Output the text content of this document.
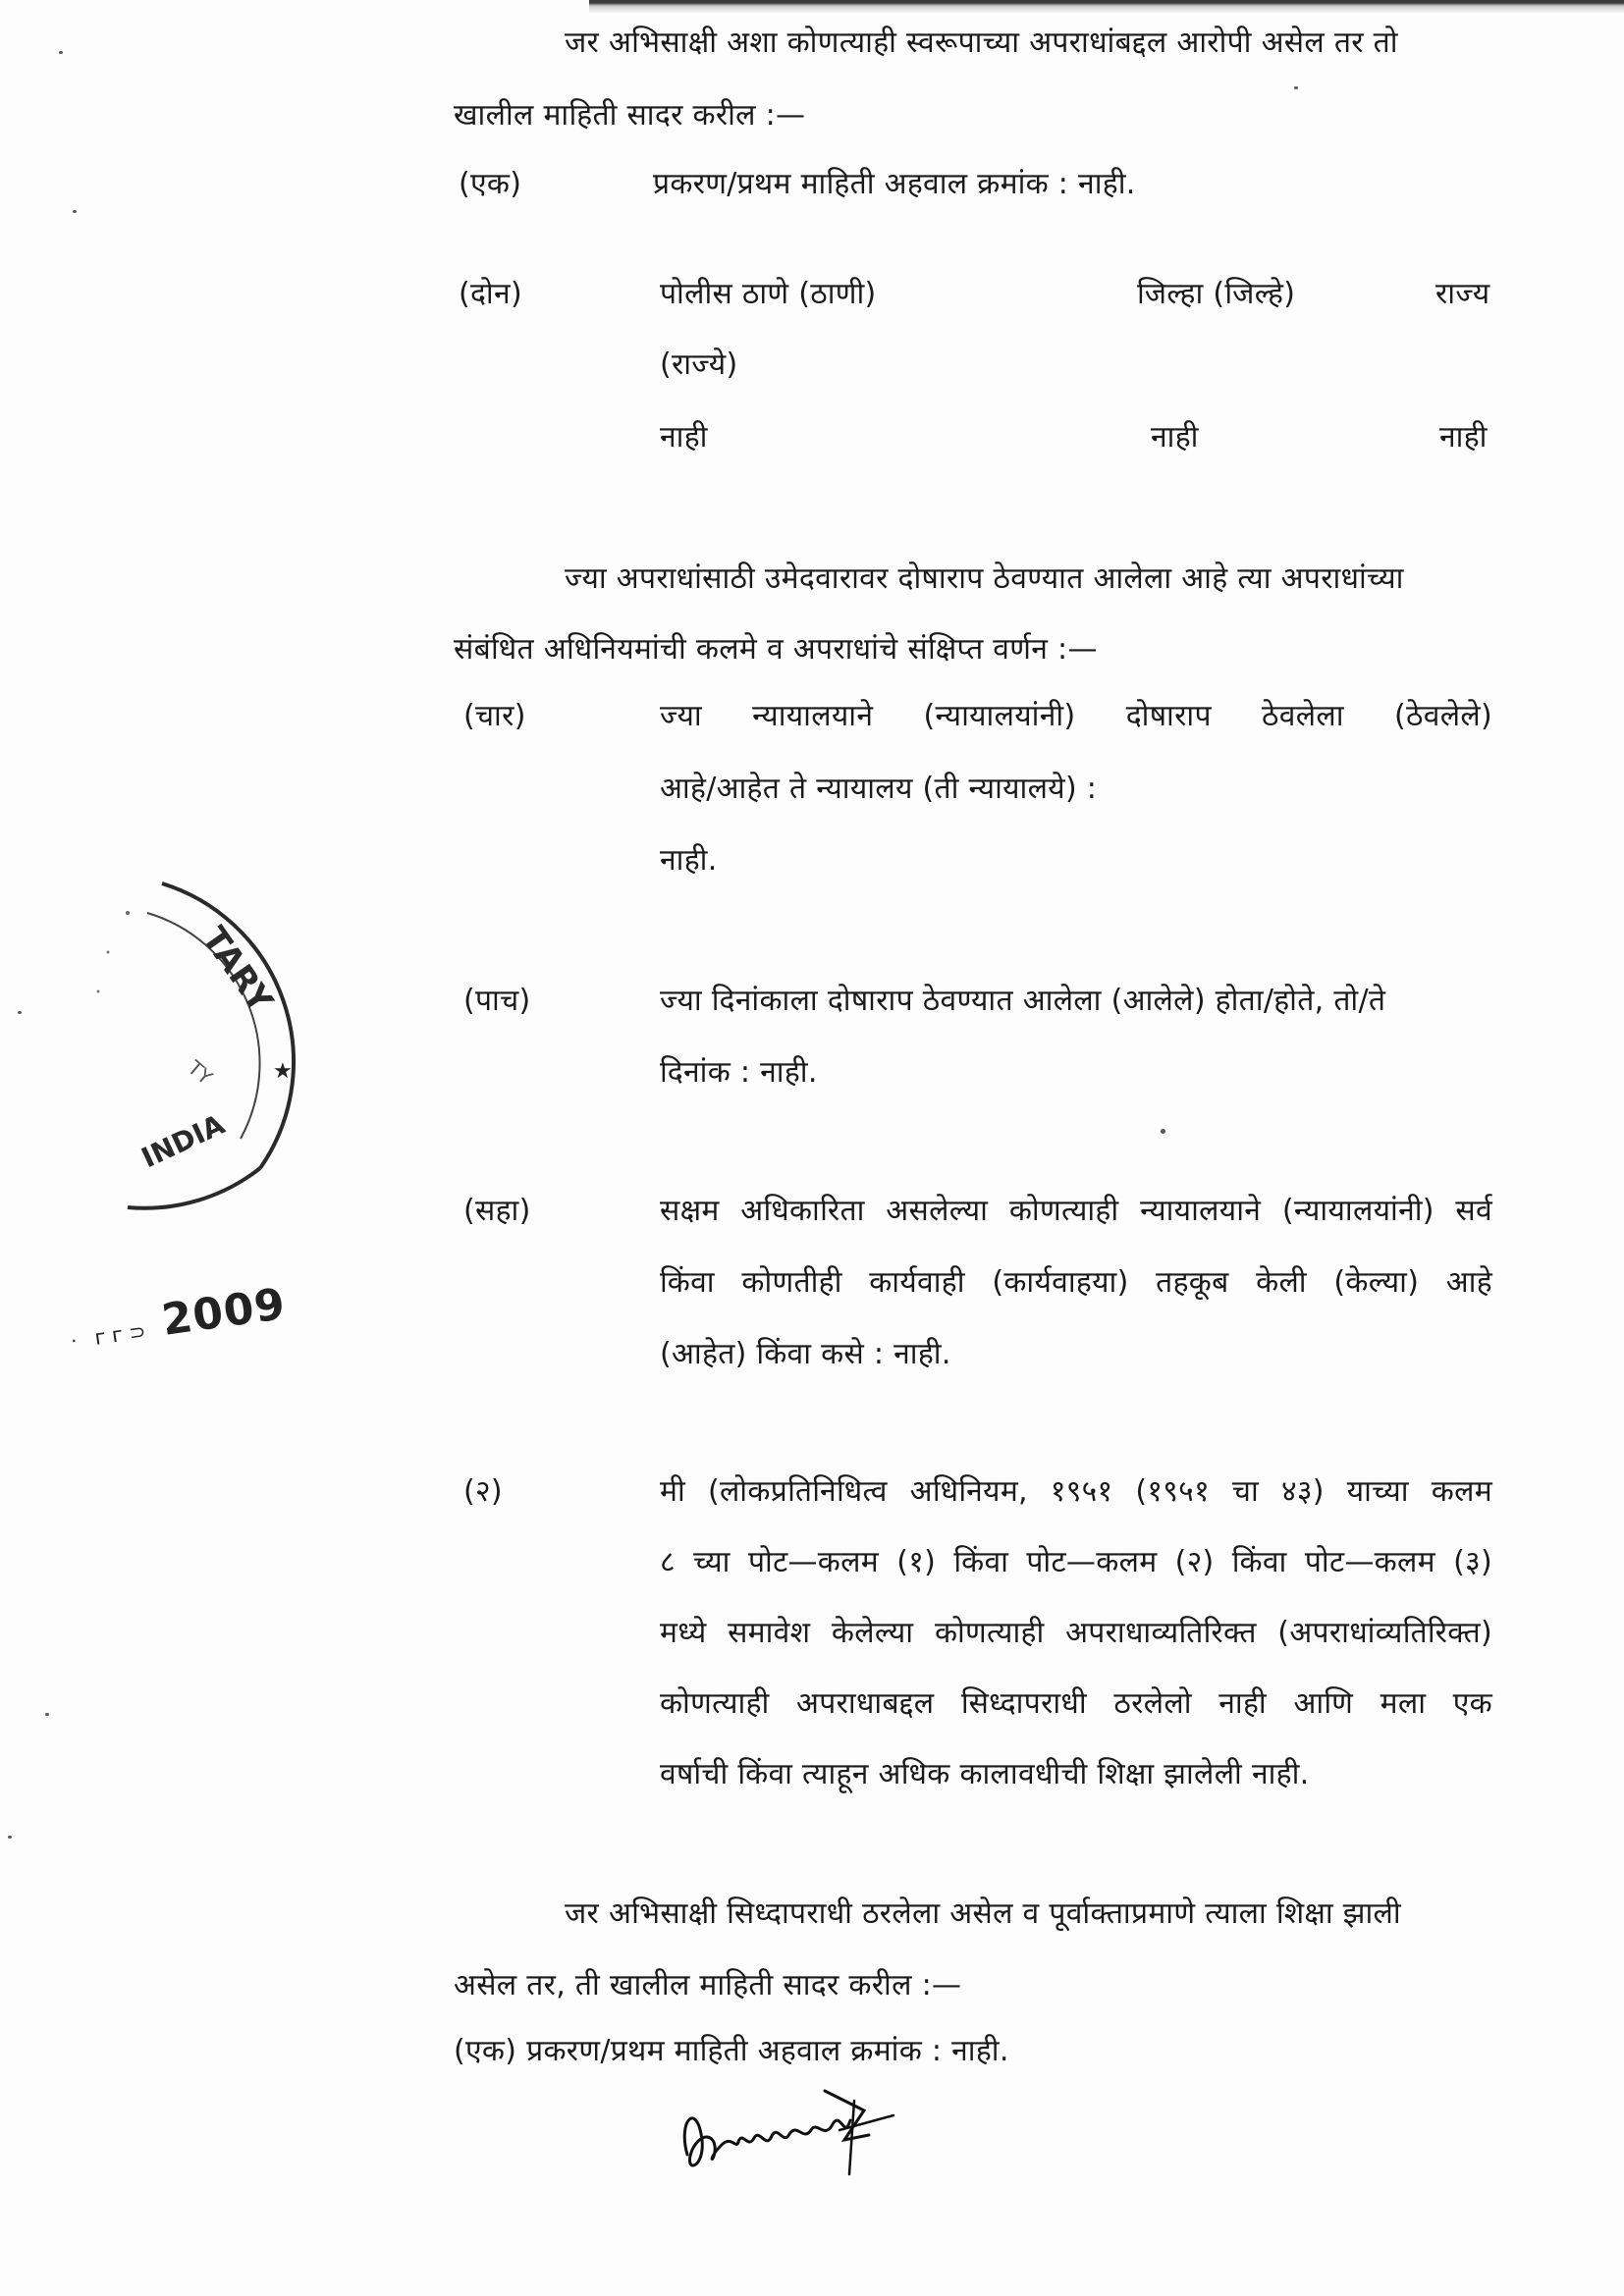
जर अभिसाक्षी अशा कोणत्याही स्वरूपाच्या अपराधांबद्दल आरोपी असेल तर तो
खालील माहिती सादर करील :—
(एक)	प्रकरण/प्रथम माहिती अहवाल क्रमांक : नाही.
(दोन)	पोलीस ठाणे (ठाणी)	जिल्हा (जिल्हे)	राज्य
(राज्ये)
नाही	नाही	नाही
ज्या अपराधांसाठी उमेदवारावर दोषाराप ठेवण्यात आलेला आहे त्या अपराधांच्या
संबंधित अधिनियमांची कलमे व अपराधांचे संक्षिप्त वर्णन :—
(चार)	ज्या न्यायालयाने (न्यायालयांनी) दोषाराप ठेवलेला (ठेवलेले)
आहे/आहेत ते न्यायालय (ती न्यायालये) :
नाही.
(पाच)	ज्या दिनांकाला दोषाराप ठेवण्यात आलेला (आलेले) होता/होते, तो/ते
दिनांक : नाही.
(सहा)	सक्षम अधिकारिता असलेल्या कोणत्याही न्यायालयाने (न्यायालयांनी) सर्व
किंवा कोणतीही कार्यवाही (कार्यवाहया) तहकूब केली (केल्या) आहे
(आहेत) किंवा कसे : नाही.
(२)	मी (लोकप्रतिनिधित्व अधिनियम, १९५१ (१९५१ चा ४३) याच्या कलम
८ च्या पोट—कलम (१) किंवा पोट—कलम (२) किंवा पोट—कलम (३)
मध्ये समावेश केलेल्या कोणत्याही अपराधाव्यतिरिक्त (अपराधांव्यतिरिक्त)
कोणत्याही अपराधाबद्दल सिध्दापराधी ठरलेलो नाही आणि मला एक
वर्षाची किंवा त्याहून अधिक कालावधीची शिक्षा झालेली नाही.
जर अभिसाक्षी सिध्दापराधी ठरलेला असेल व पूर्वाक्ताप्रमाणे त्याला शिक्षा झाली
असेल तर, ती खालील माहिती सादर करील :—
(एक) प्रकरण/प्रथम माहिती अहवाल क्रमांक : नाही.
TARY
INDIA
TY	★
· ᴦᴦ⊃ 2009
